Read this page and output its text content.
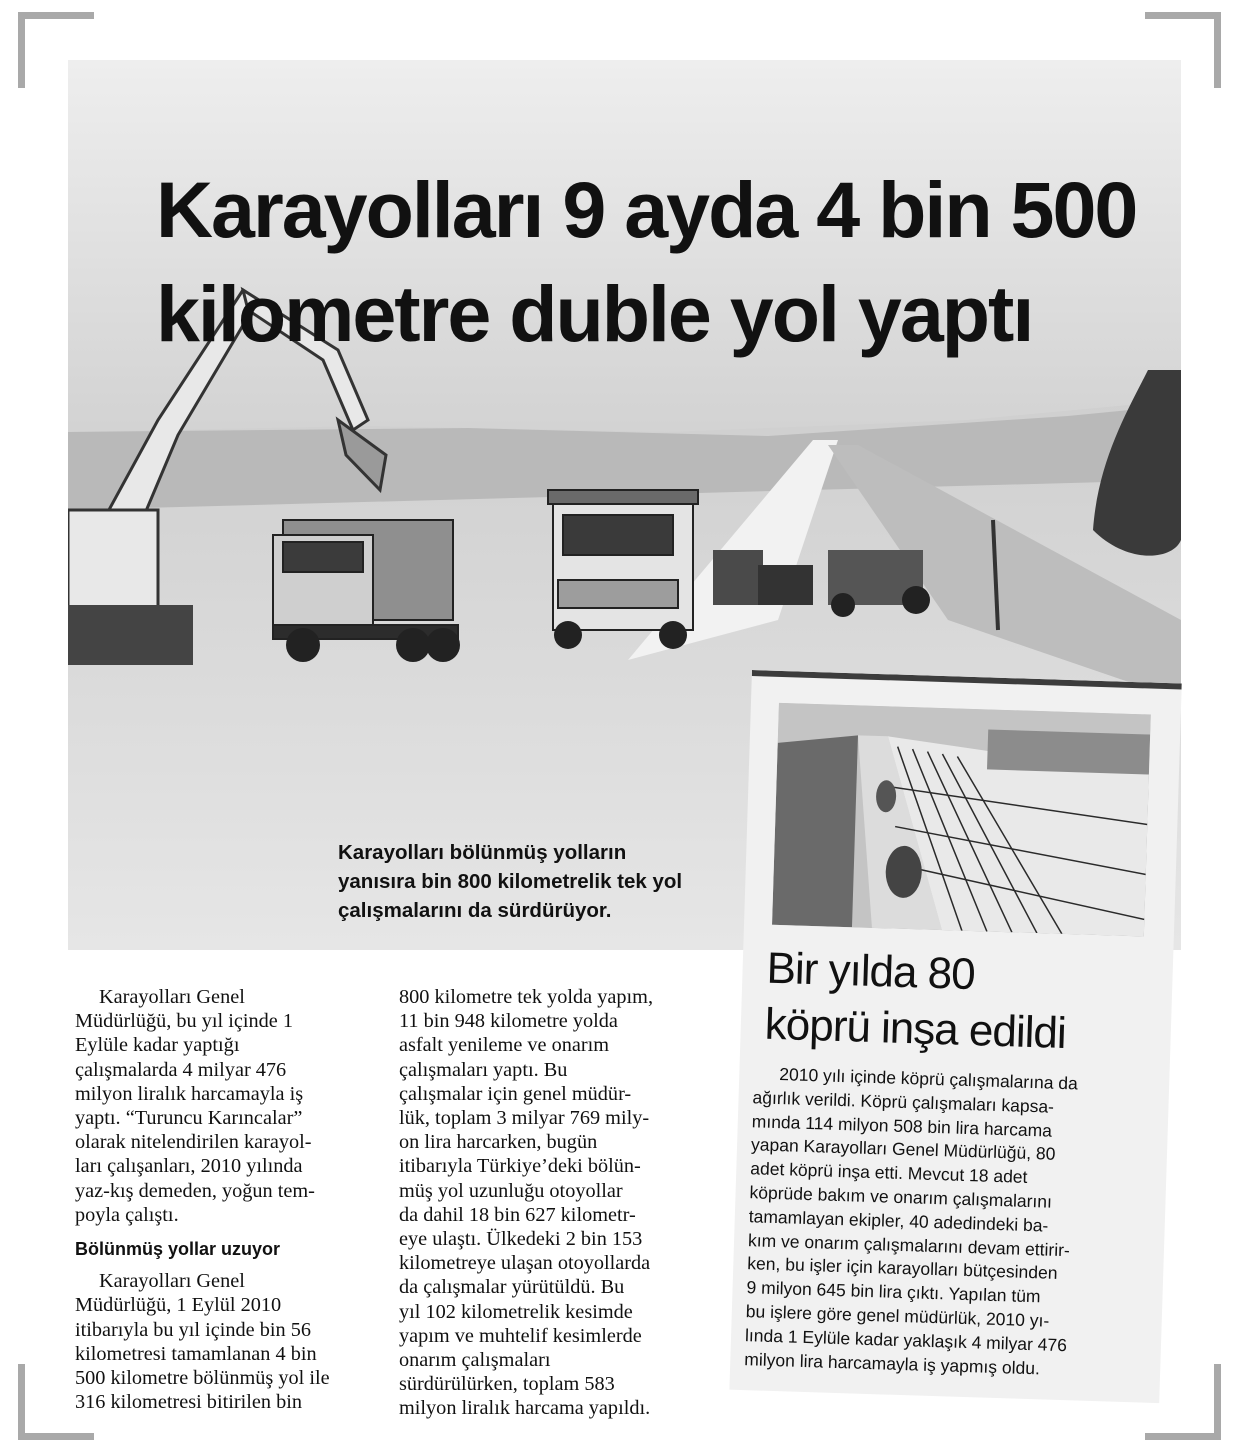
Karayolları 9 ayda 4 bin 500
kilometre duble yol yaptı

Karayolları bölünmüş yolların
yanısıra bin 800 kilometrelik tek yol
çalışmalarını da sürdürüyor.

Karayolları Genel
Müdürlüğü, bu yıl içinde 1
Eylüle kadar yaptığı
çalışmalarda 4 milyar 476
milyon liralık harcamayla iş
yaptı. “Turuncu Karıncalar”
olarak nitelendirilen karayol-
ları çalışanları, 2010 yılında
yaz-kış demeden, yoğun tem-
poyla çalıştı.

Bölünmüş yollar uzuyor

Karayolları Genel
Müdürlüğü, 1 Eylül 2010
itibarıyla bu yıl içinde bin 56
kilometresi tamamlanan 4 bin
500 kilometre bölünmüş yol ile
316 kilometresi bitirilen bin

800 kilometre tek yolda yapım,
11 bin 948 kilometre yolda
asfalt yenileme ve onarım
çalışmaları yaptı. Bu
çalışmalar için genel müdür-
lük, toplam 3 milyar 769 mily-
on lira harcarken, bugün
itibarıyla Türkiye’deki bölün-
müş yol uzunluğu otoyollar
da dahil 18 bin 627 kilometr-
eye ulaştı. Ülkedeki 2 bin 153
kilometreye ulaşan otoyollarda
da çalışmalar yürütüldü. Bu
yıl 102 kilometrelik kesimde
yapım ve muhtelif kesimlerde
onarım çalışmaları
sürdürülürken, toplam 583
milyon liralık harcama yapıldı.

Bir yılda 80
köprü inşa edildi
2010 yılı içinde köprü çalışmalarına da
ağırlık verildi. Köprü çalışmaları kapsa-
mında 114 milyon 508 bin lira harcama
yapan Karayolları Genel Müdürlüğü, 80
adet köprü inşa etti. Mevcut 18 adet
köprüde bakım ve onarım çalışmalarını
tamamlayan ekipler, 40 adedindeki ba-
kım ve onarım çalışmalarını devam ettirir-
ken, bu işler için karayolları bütçesinden
9 milyon 645 bin lira çıktı. Yapılan tüm
bu işlere göre genel müdürlük, 2010 yı-
lında 1 Eylüle kadar yaklaşık 4 milyar 476
milyon lira harcamayla iş yapmış oldu.
